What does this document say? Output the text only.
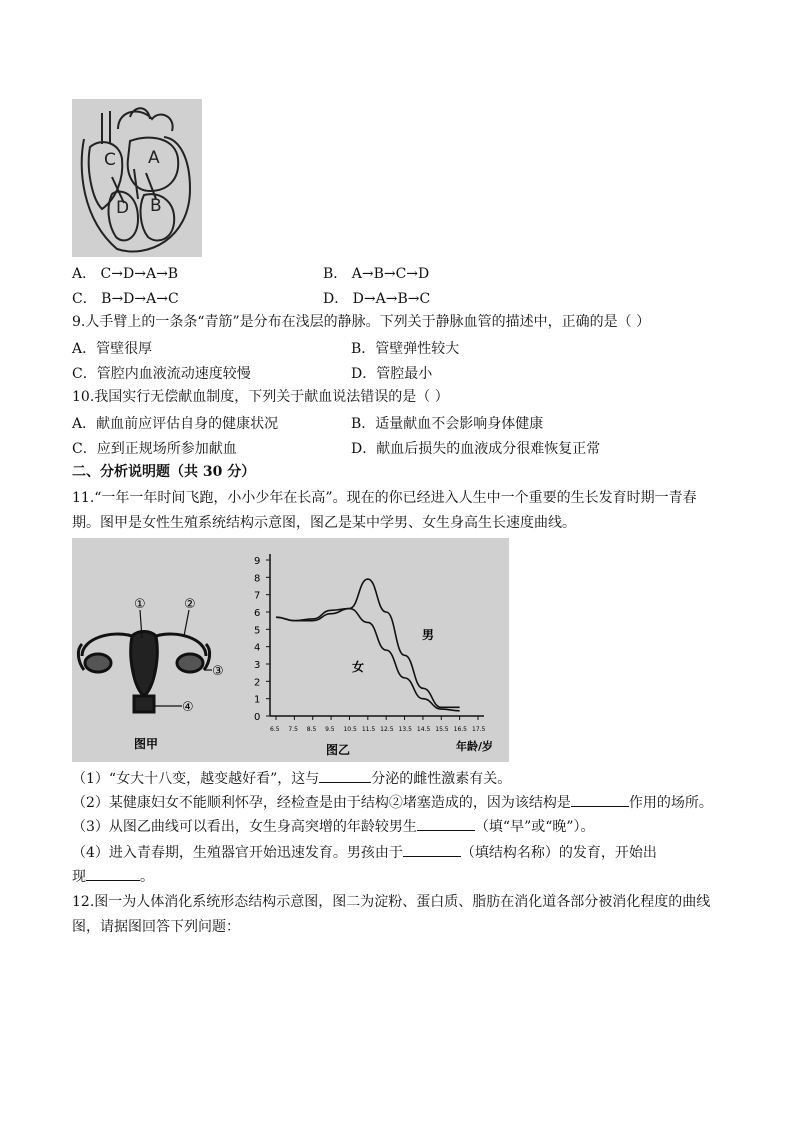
C A
D B
A． C→D→A→B	B． A→B→C→D
C． B→D→A→C	D． D→A→B→C
9.人手臂上的一条条“青筋”是分布在浅层的静脉。下列关于静脉血管的描述中，正确的是（ ）
A．管壁很厚	B．管壁弹性较大
C．管腔内血液流动速度较慢	D．管腔最小
10.我国实行无偿献血制度，下列关于献血说法错误的是（ ）
A．献血前应评估自身的健康状况	B．适量献血不会影响身体健康
C．应到正规场所参加献血	D．献血后损失的血液成分很难恢复正常
二、分析说明题（共 30 分）
11.“一年一年时间飞跑，小小少年在长高”。现在的你已经进入人生中一个重要的生长发育时期一青春
期。图甲是女性生殖系统结构示意图，图乙是某中学男、女生身高生长速度曲线。
①	②
③
④
图甲
0
1
2
3
4
5
6
7
8
9
6.5 7.5 8.5 9.5 10.5 11.5 12.5 13.5 14.5 15.5 16.5 17.5
图乙	年龄/岁
男
女
（1）“女大十八变，越变越好看”，这与	分泌的雌性激素有关。
（2）某健康妇女不能顺利怀孕，经检查是由于结构②堵塞造成的，因为该结构是	作用的场所。
（3）从图乙曲线可以看出，女生身高突增的年龄较男生	（填“早”或“晚”）。
（4）进入青春期，生殖器官开始迅速发育。男孩由于	（填结构名称）的发育，开始出
现	。
12.图一为人体消化系统形态结构示意图，图二为淀粉、蛋白质、脂肪在消化道各部分被消化程度的曲线
图，请据图回答下列问题：
